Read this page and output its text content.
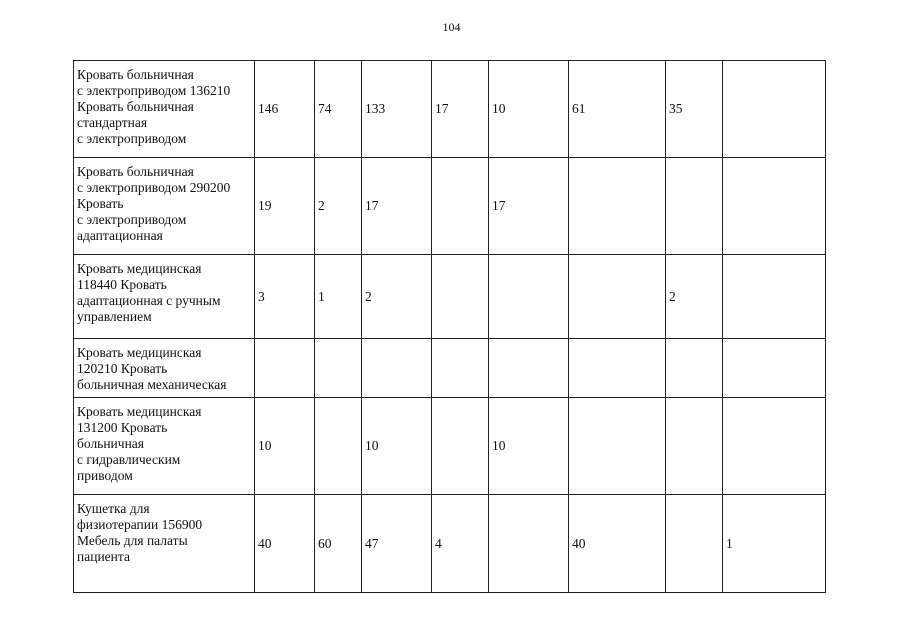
104
Кровать больничная
с электроприводом 136210
Кровать больничная
стандартная
с электроприводом	146	74	133	17	10	61	35	

Кровать больничная
с электроприводом 290200
Кровать
с электроприводом
адаптационная	19	2	17		17			

Кровать медицинская
118440 Кровать
адаптационная с ручным
управлением	3	1	2				2	

Кровать медицинская
120210 Кровать
больничная механическая								

Кровать медицинская
131200 Кровать
больничная
с гидравлическим
приводом	10		10		10			

Кушетка для
физиотерапии 156900
Мебель для палаты
пациента	40	60	47	4		40		1
